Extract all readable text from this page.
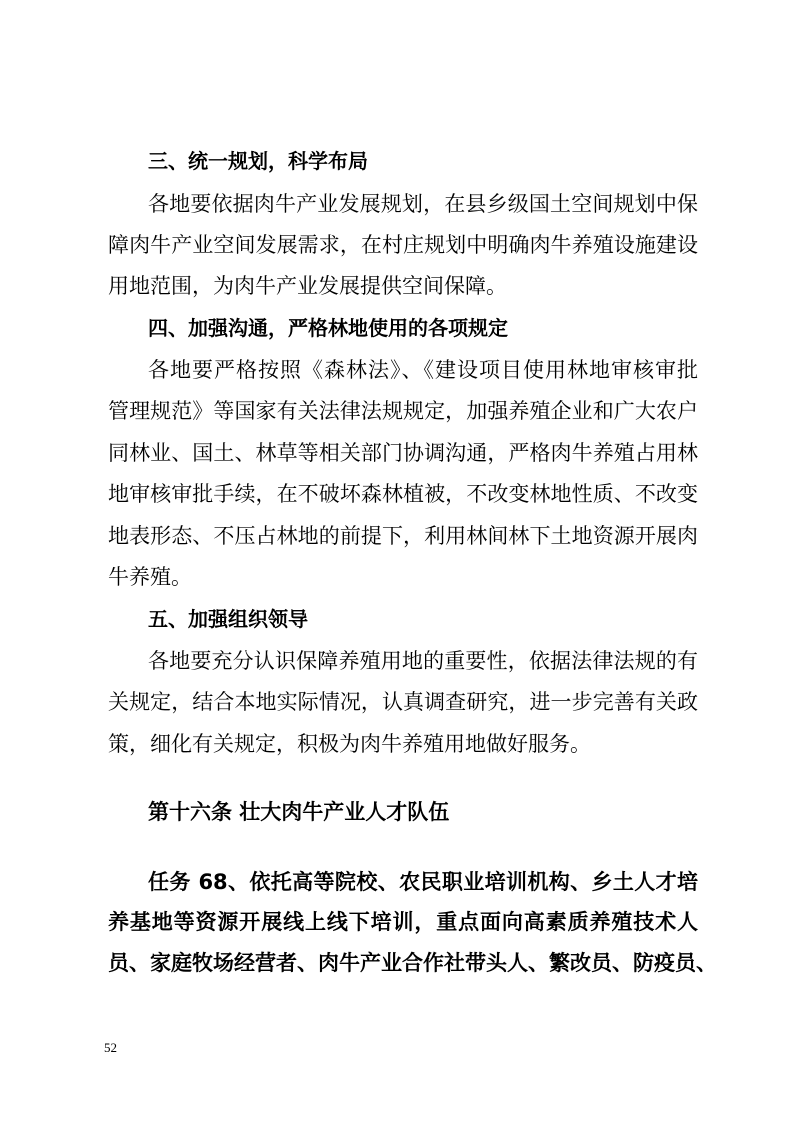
三、统一规划，科学布局
各地要依据肉牛产业发展规划，在县乡级国土空间规划中保
障肉牛产业空间发展需求，在村庄规划中明确肉牛养殖设施建设
用地范围，为肉牛产业发展提供空间保障。
四、加强沟通，严格林地使用的各项规定
各地要严格按照《森林法》、《建设项目使用林地审核审批
管理规范》等国家有关法律法规规定，加强养殖企业和广大农户
同林业、国土、林草等相关部门协调沟通，严格肉牛养殖占用林
地审核审批手续，在不破坏森林植被，不改变林地性质、不改变
地表形态、不压占林地的前提下，利用林间林下土地资源开展肉
牛养殖。
五、加强组织领导
各地要充分认识保障养殖用地的重要性，依据法律法规的有
关规定，结合本地实际情况，认真调查研究，进一步完善有关政
策，细化有关规定，积极为肉牛养殖用地做好服务。
第十六条 壮大肉牛产业人才队伍
任务 68、依托高等院校、农民职业培训机构、乡土人才培
养基地等资源开展线上线下培训，重点面向高素质养殖技术人
员、家庭牧场经营者、肉牛产业合作社带头人、繁改员、防疫员、
52
